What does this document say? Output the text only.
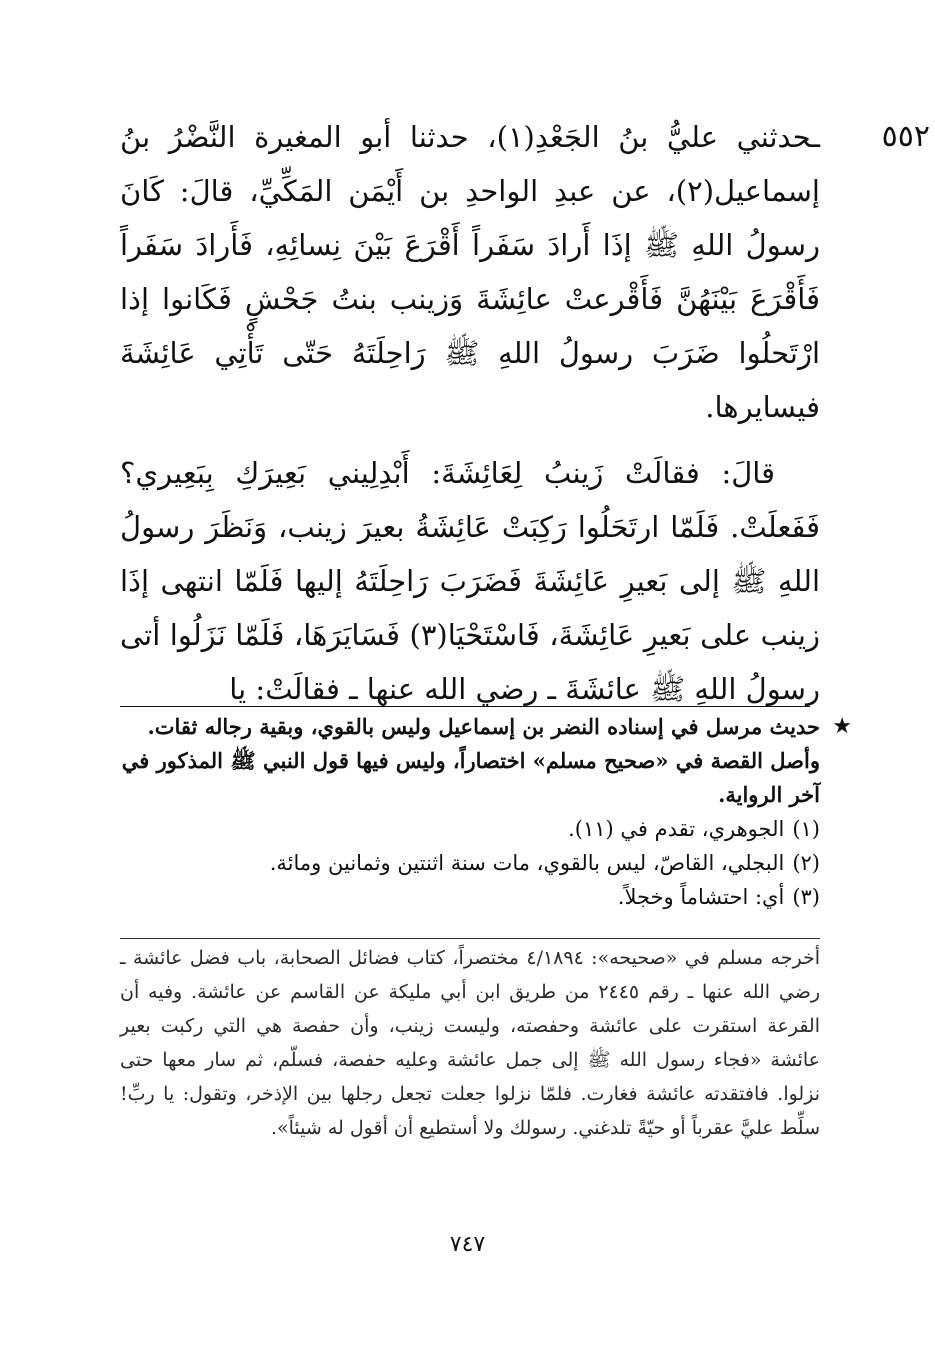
٥٥٢

ـحدثني عليُّ بنُ الجَعْدِ(١)، حدثنا أبو المغيرة النَّضْرُ بنُ إسماعيل(٢)، عن عبدِ الواحدِ بن أَيْمَن المَكِّيِّ، قالَ: كَانَ رسولُ اللهِ ﷺ إذَا أَرادَ سَفَراً أَقْرَعَ بَيْنَ نِسائِهِ، فَأَرادَ سَفَراً فَأَقْرَعَ بَيْنَهُنَّ فَأَقْرعتْ عائِشَةَ وَزينب بنتُ جَحْشٍ فَكَانوا إذا ارْتَحلُوا ضَرَبَ رسولُ اللهِ ﷺ رَاحِلَتَهُ حَتّى تَأْتِي عَائِشَةَ فيسايرها.

قالَ: فقالَتْ زَينبُ لِعَائِشَةَ: أَبْدِلِيني بَعِيرَكِ بِبَعِيري؟ فَفَعلَتْ. فَلَمّا ارتَحَلُوا رَكِبَتْ عَائِشَةُ بعيرَ زينب، وَنَظَرَ رسولُ اللهِ ﷺ إلى بَعيرِ عَائِشَةَ فَضَرَبَ رَاحِلَتَهُ إليها فَلَمّا انتهى إذَا زينب على بَعيرِ عَائِشَةَ، فَاسْتَحْيَا(٣) فَسَايَرَهَا، فَلَمّا نَزَلُوا أتى رسولُ اللهِ ﷺ عائشَةَ ـ رضي الله عنها ـ فقالَتْ: يا

★

حديث مرسل في إسناده النضر بن إسماعيل وليس بالقوي، وبقية رجاله ثقات. وأصل القصة في «صحيح مسلم» اختصاراً، وليس فيها قول النبي ﷺ المذكور في آخر الرواية.

(١)الجوهري، تقدم في (١١).

(٢)البجلي، القاصّ، ليس بالقوي، مات سنة اثنتين وثمانين ومائة.

(٣)أي: احتشاماً وخجلاً.

أخرجه مسلم في «صحيحه»: ٤/١٨٩٤ مختصراً، كتاب فضائل الصحابة، باب فضل عائشة ـ رضي الله عنها ـ رقم ٢٤٤٥ من طريق ابن أبي مليكة عن القاسم عن عائشة. وفيه أن القرعة استقرت على عائشة وحفصته، وليست زينب، وأن حفصة هي التي ركبت بعير عائشة «فجاء رسول الله ﷺ إلى جمل عائشة وعليه حفصة، فسلّم، ثم سار معها حتى نزلوا. فافتقدته عائشة فغارت. فلمّا نزلوا جعلت تجعل رجلها بين الإذخر، وتقول: يا ربِّ! سلِّط عليَّ عقرباً أو حيّةً تلدغني. رسولك ولا أستطيع أن أقول له شيئاً».
٧٤٧
